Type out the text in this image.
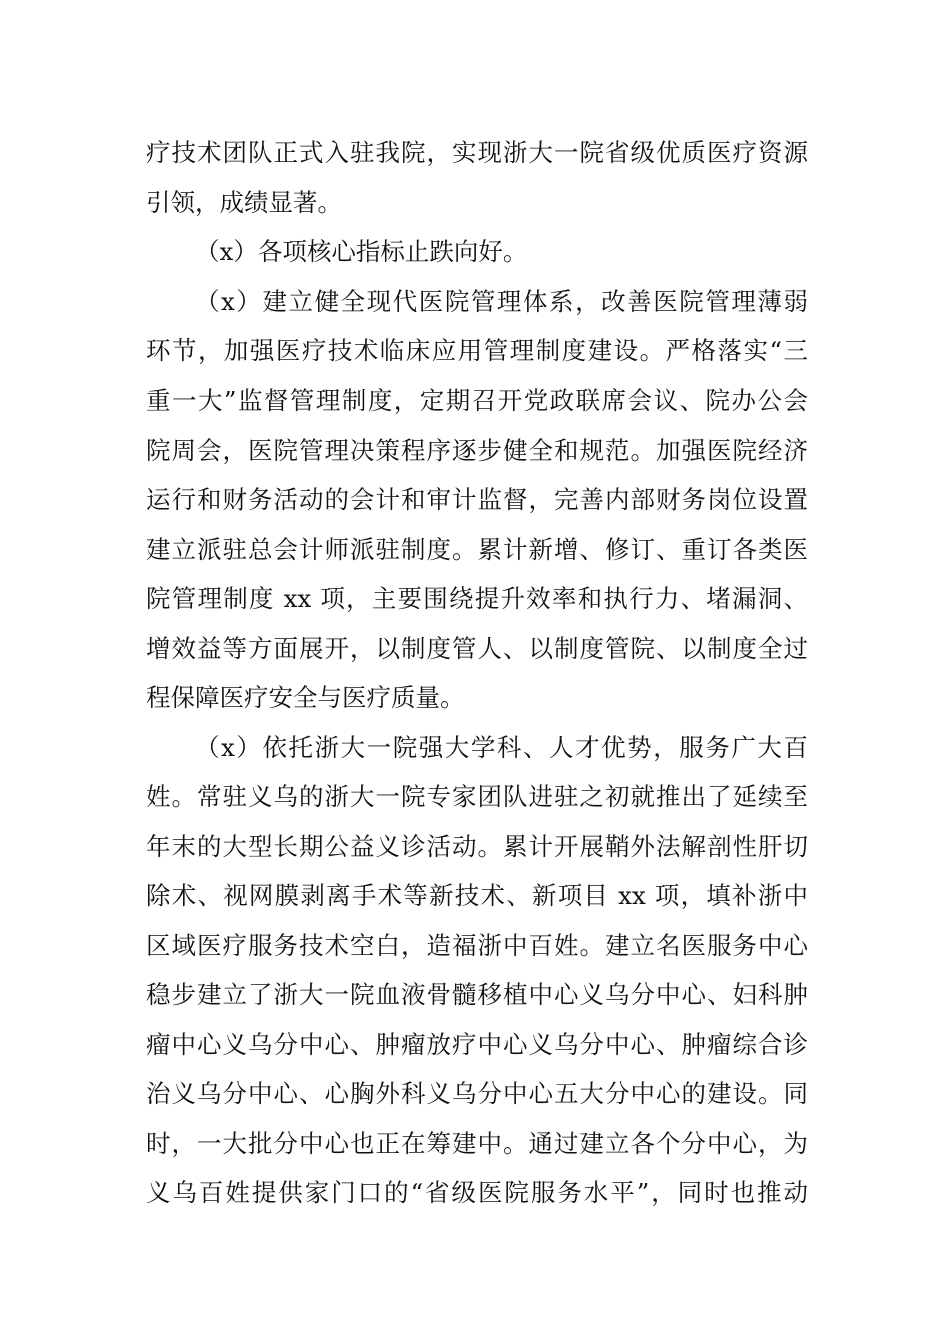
疗技术团队正式入驻我院，实现浙大一院省级优质医疗资源
引领，成绩显著。
（x）各项核心指标止跌向好。
（x）建立健全现代医院管理体系，改善医院管理薄弱
环节，加强医疗技术临床应用管理制度建设。严格落实“三
重一大”监督管理制度，定期召开党政联席会议、院办公会
院周会，医院管理决策程序逐步健全和规范。加强医院经济
运行和财务活动的会计和审计监督，完善内部财务岗位设置
建立派驻总会计师派驻制度。累计新增、修订、重订各类医
院管理制度 xx 项，主要围绕提升效率和执行力、堵漏洞、
增效益等方面展开，以制度管人、以制度管院、以制度全过
程保障医疗安全与医疗质量。
（x）依托浙大一院强大学科、人才优势，服务广大百
姓。常驻义乌的浙大一院专家团队进驻之初就推出了延续至
年末的大型长期公益义诊活动。累计开展鞘外法解剖性肝切
除术、视网膜剥离手术等新技术、新项目 xx 项，填补浙中
区域医疗服务技术空白，造福浙中百姓。建立名医服务中心
稳步建立了浙大一院血液骨髓移植中心义乌分中心、妇科肿
瘤中心义乌分中心、肿瘤放疗中心义乌分中心、肿瘤综合诊
治义乌分中心、心胸外科义乌分中心五大分中心的建设。同
时，一大批分中心也正在筹建中。通过建立各个分中心，为
义乌百姓提供家门口的“省级医院服务水平”，同时也推动
